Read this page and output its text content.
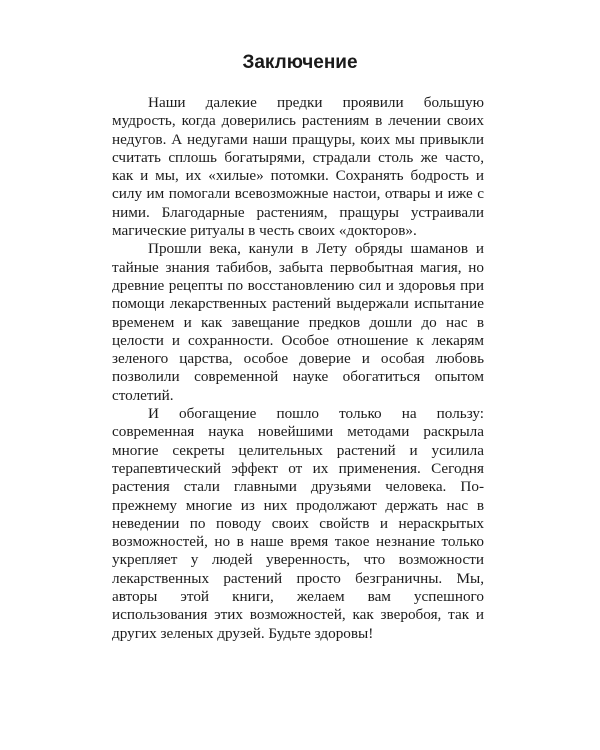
Заключение

Наши далекие предки проявили большую мудрость, когда доверились растениям в лечении своих недугов. А недугами наши пращуры, коих мы привыкли считать сплошь богатырями, страдали столь же часто, как и мы, их «хилые» потомки. Сохранять бодрость и силу им помогали всевозможные настои, отвары и иже с ними. Благодарные растениям, пращуры устраивали магические ритуалы в честь своих «докторов».

Прошли века, канули в Лету обряды шаманов и тайные знания табибов, забыта первобытная магия, но древние рецепты по восстановлению сил и здоровья при помощи лекарственных растений выдержали испытание временем и как завещание предков дошли до нас в целости и сохранности. Особое отношение к лекарям зеленого царства, особое доверие и особая любовь позволили современной науке обогатиться опытом столетий.

И обогащение пошло только на пользу: современная наука новейшими методами раскрыла многие секреты целительных растений и усилила терапевтический эффект от их применения. Сегодня растения стали главными друзьями человека. По-прежнему многие из них продолжают держать нас в неведении по поводу своих свойств и нераскрытых возможностей, но в наше время такое незнание только укрепляет у людей уверенность, что возможности лекарственных растений просто безграничны. Мы, авторы этой книги, желаем вам успешного использования этих возможностей, как зверобоя, так и других зеленых друзей. Будьте здоровы!
